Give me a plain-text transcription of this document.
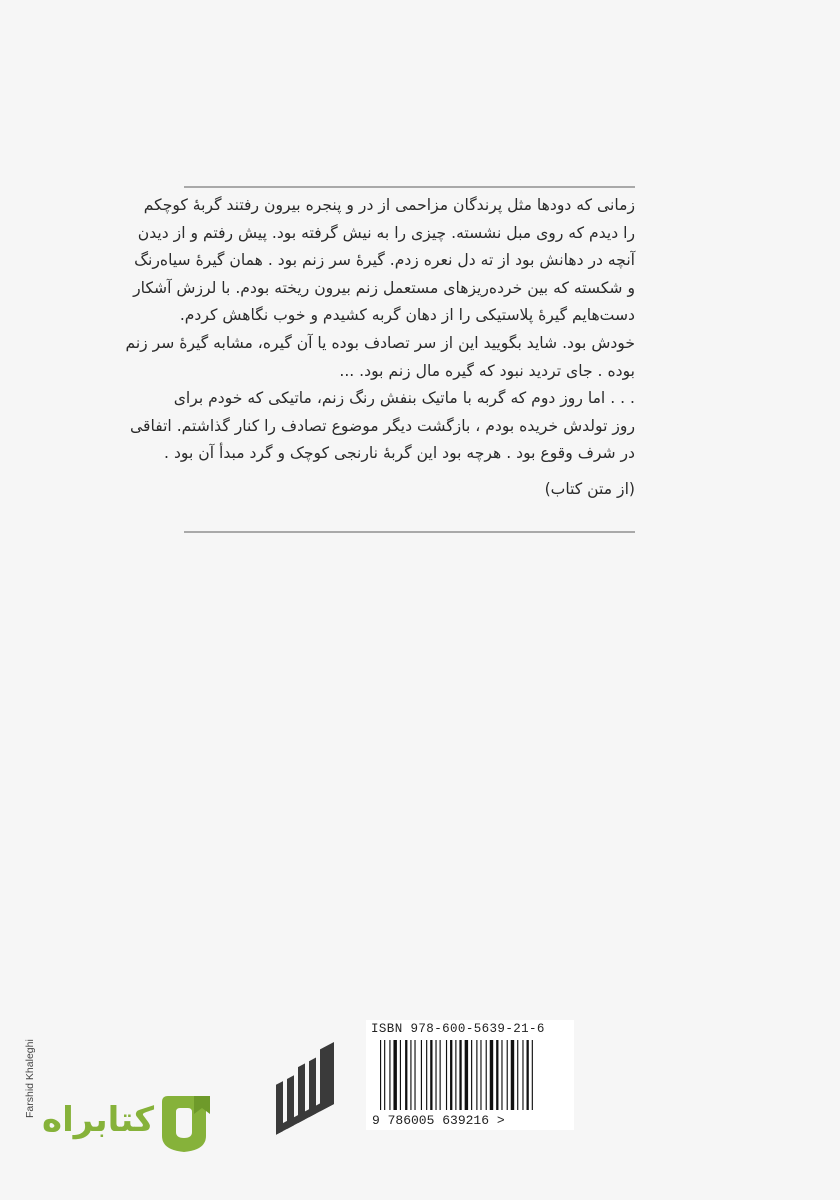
زمانی که دودها مثل پرندگان مزاحمی از در و پنجره بیرون رفتند گربهٔ کوچکم
را دیدم که روی مبل نشسته. چیزی را به نیش گرفته بود. پیش رفتم و از دیدن
آنچه در دهانش بود از ته دل نعره زدم. گیرهٔ سر زنم بود . همان گیرهٔ سیاه‌رنگ
و شکسته که بین خرده‌ریزهای مستعمل زنم بیرون ریخته بودم. با لرزش آشکار
دست‌هایم گیرهٔ پلاستیکی را از دهان گربه کشیدم و خوب نگاهش کردم.
خودش بود. شاید بگویید این از سر تصادف بوده یا آن گیره، مشابه گیرهٔ سر زنم
بوده . جای تردید نبود که گیره مال زنم بود. ...
. . . اما روز دوم که گربه با ماتیک بنفش رنگ زنم، ماتیکی که خودم برای
روز تولدش خریده بودم ، بازگشت دیگر موضوع تصادف را کنار گذاشتم. اتفاقی
در شرف وقوع بود . هرچه بود این گربهٔ نارنجی کوچک و گرد مبدأ آن بود .
(از متن کتاب)
Farshid Khaleghi
کتابراه
ISBN 978-600-5639-21-6
9 786005 639216 >
